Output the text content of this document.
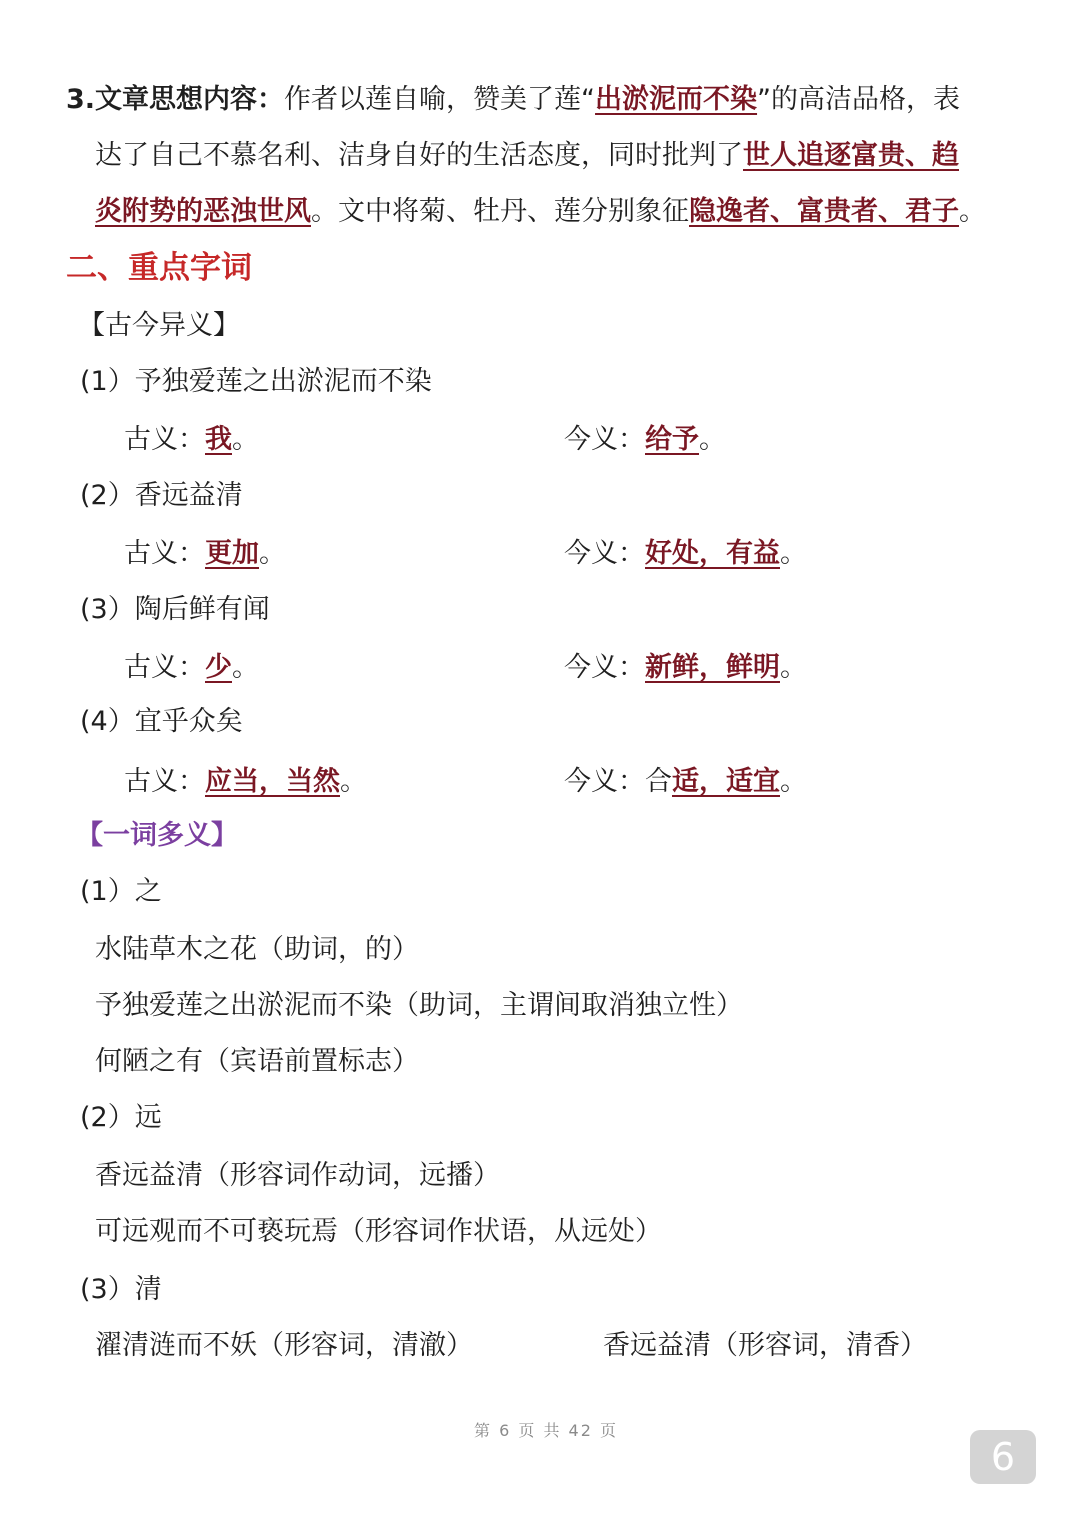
3.文章思想内容：作者以莲自喻，赞美了莲“出淤泥而不染”的高洁品格，表
达了自己不慕名利、洁身自好的生活态度，同时批判了世人追逐富贵、趋
炎附势的恶浊世风。文中将菊、牡丹、莲分别象征隐逸者、富贵者、君子。
二、重点字词
【古今异义】
(1）予独爱莲之出淤泥而不染
古义：我。	今义：给予。
(2）香远益清
古义：更加。	今义：好处，有益。
(3）陶后鲜有闻
古义：少。	今义：新鲜，鲜明。
(4）宜乎众矣
古义：应当，当然。	今义：合适，适宜。
【一词多义】
(1）之
水陆草木之花（助词，的）
予独爱莲之出淤泥而不染（助词，主谓间取消独立性）
何陋之有（宾语前置标志）
(2）远
香远益清（形容词作动词，远播）
可远观而不可亵玩焉（形容词作状语，从远处）
(3）清
濯清涟而不妖（形容词，清澈）	香远益清（形容词，清香）
第 6 页 共 42 页
6
